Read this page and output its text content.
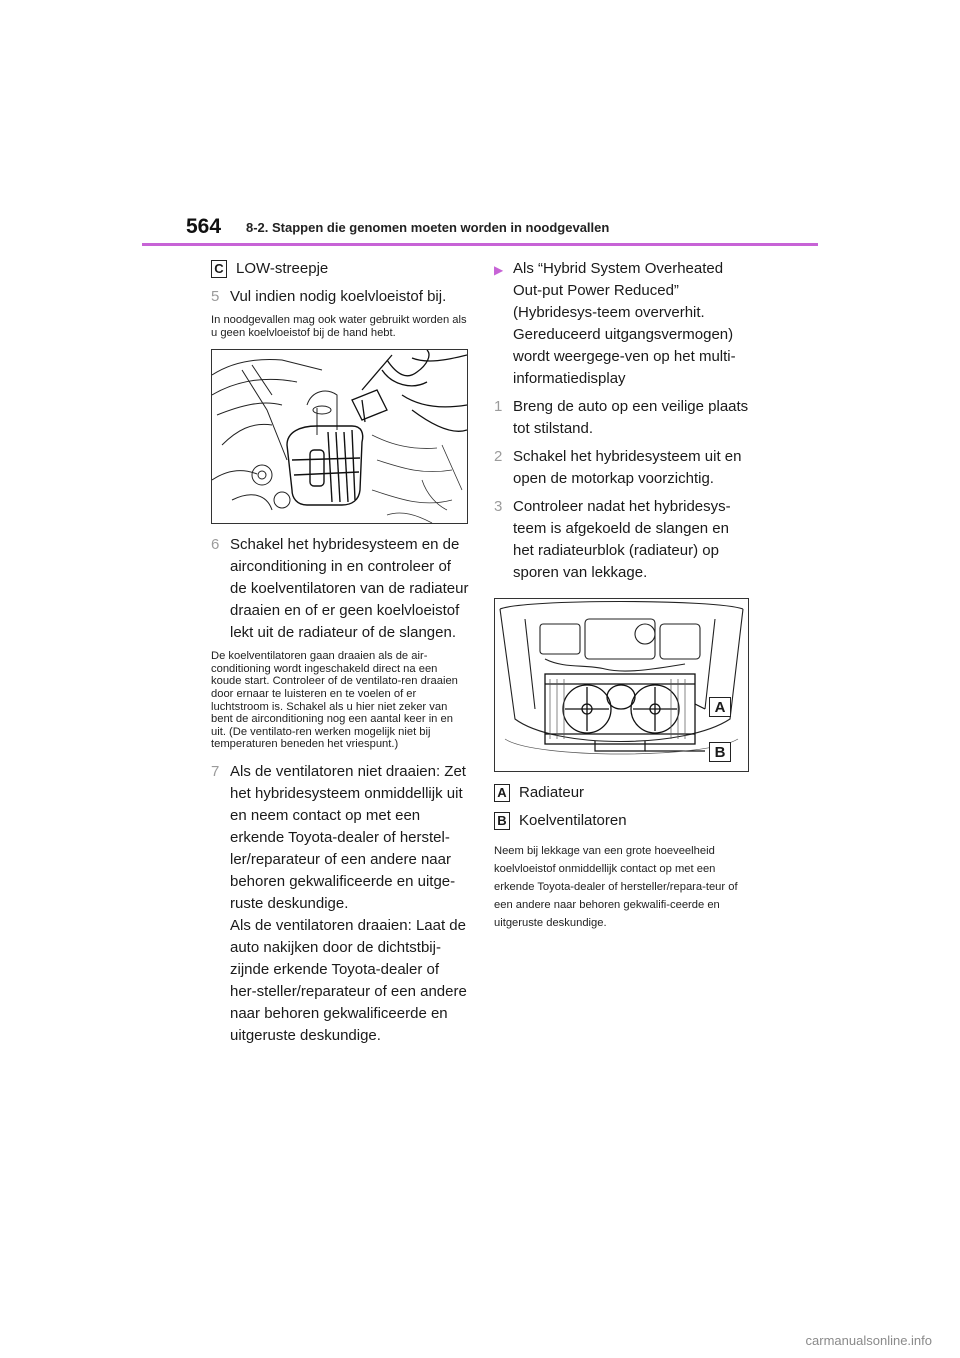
564 8-2. Stappen die genomen moeten worden in noodgevallen
C LOW-streepje
5 Vul indien nodig koelvloeistof bij.
In noodgevallen mag ook water gebruikt worden als u geen koelvloeistof bij de hand hebt.
6 Schakel het hybridesysteem en de airconditioning in en controleer of de koelventilatoren van de radiateur draaien en of er geen koelvloeistof lekt uit de radiateur of de slangen.
De koelventilatoren gaan draaien als de air-conditioning wordt ingeschakeld direct na een koude start. Controleer of de ventilato-ren draaien door ernaar te luisteren en te voelen of er luchtstroom is. Schakel als u hier niet zeker van bent de airconditioning nog een aantal keer in en uit. (De ventilato-ren werken mogelijk niet bij temperaturen beneden het vriespunt.)
7 Als de ventilatoren niet draaien: Zet het hybridesysteem onmiddellijk uit en neem contact op met een erkende Toyota-dealer of herstel-ler/reparateur of een andere naar behoren gekwalificeerde en uitge-ruste deskundige.
Als de ventilatoren draaien: Laat de auto nakijken door de dichtstbij-zijnde erkende Toyota-dealer of her-steller/reparateur of een andere naar behoren gekwalificeerde en uitgeruste deskundige.
▶ Als “Hybrid System Overheated Out-put Power Reduced” (Hybridesys-teem oververhit. Gereduceerd uitgangsvermogen) wordt weergege-ven op het multi-informatiedisplay
1 Breng de auto op een veilige plaats tot stilstand.
2 Schakel het hybridesysteem uit en open de motorkap voorzichtig.
3 Controleer nadat het hybridesys-teem is afgekoeld de slangen en het radiateurblok (radiateur) op sporen van lekkage.
A
B
A Radiateur
B Koelventilatoren
Neem bij lekkage van een grote hoeveelheid koelvloeistof onmiddellijk contact op met een erkende Toyota-dealer of hersteller/repara-teur of een andere naar behoren gekwalifi-ceerde en uitgeruste deskundige.
carmanualsonline.info
